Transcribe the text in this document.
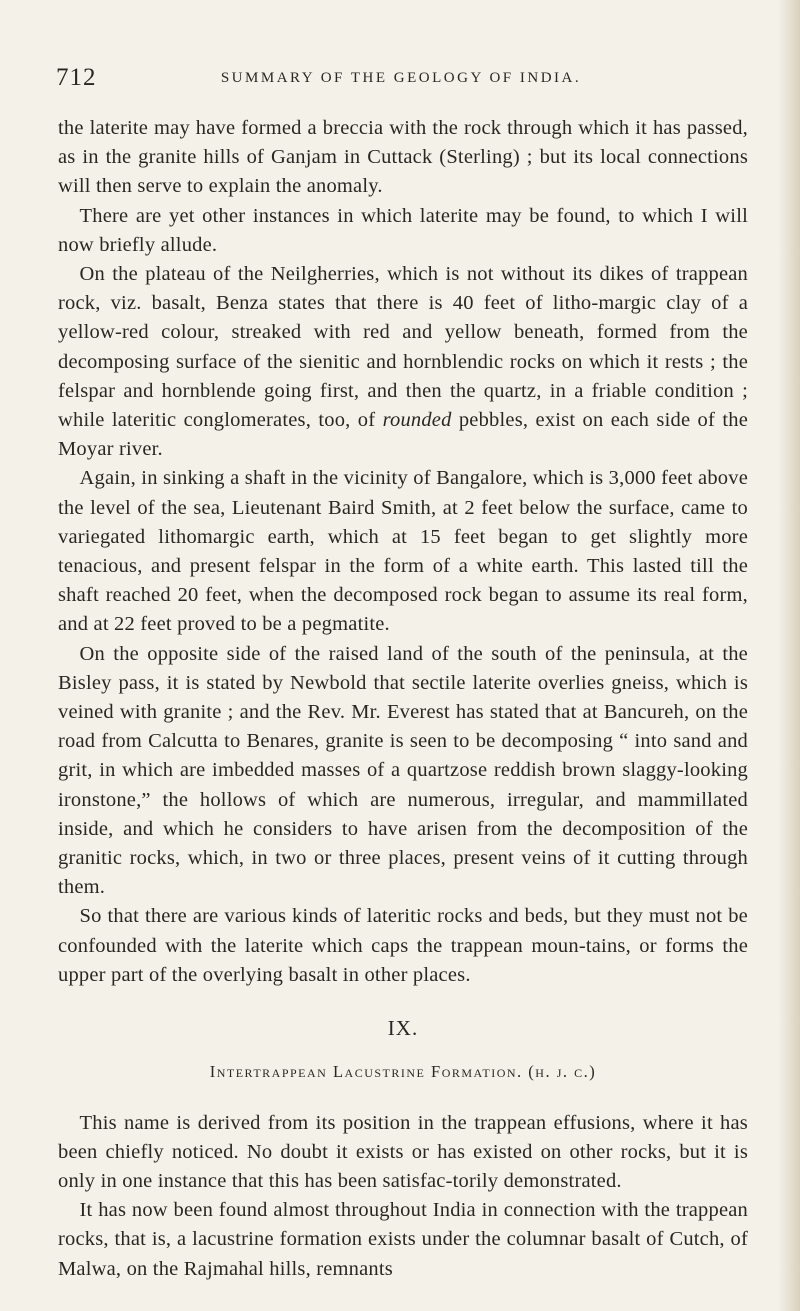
712	SUMMARY OF THE GEOLOGY OF INDIA.

the laterite may have formed a breccia with the rock through which it has passed, as in the granite hills of Ganjam in Cuttack (Sterling) ; but its local connections will then serve to explain the anomaly.

There are yet other instances in which laterite may be found, to which I will now briefly allude.

On the plateau of the Neilgherries, which is not without its dikes of trappean rock, viz. basalt, Benza states that there is 40 feet of litho-margic clay of a yellow-red colour, streaked with red and yellow beneath, formed from the decomposing surface of the sienitic and hornblendic rocks on which it rests ; the felspar and hornblende going first, and then the quartz, in a friable condition ; while lateritic conglomerates, too, of rounded pebbles, exist on each side of the Moyar river.

Again, in sinking a shaft in the vicinity of Bangalore, which is 3,000 feet above the level of the sea, Lieutenant Baird Smith, at 2 feet below the surface, came to variegated lithomargic earth, which at 15 feet began to get slightly more tenacious, and present felspar in the form of a white earth. This lasted till the shaft reached 20 feet, when the decomposed rock began to assume its real form, and at 22 feet proved to be a pegmatite.

On the opposite side of the raised land of the south of the peninsula, at the Bisley pass, it is stated by Newbold that sectile laterite overlies gneiss, which is veined with granite ; and the Rev. Mr. Everest has stated that at Bancureh, on the road from Calcutta to Benares, granite is seen to be decomposing “ into sand and grit, in which are imbedded masses of a quartzose reddish brown slaggy-looking ironstone,” the hollows of which are numerous, irregular, and mammillated inside, and which he considers to have arisen from the decomposition of the granitic rocks, which, in two or three places, present veins of it cutting through them.

So that there are various kinds of lateritic rocks and beds, but they must not be confounded with the laterite which caps the trappean moun-tains, or forms the upper part of the overlying basalt in other places.

IX.
Intertrappean Lacustrine Formation. (h. j. c.)

This name is derived from its position in the trappean effusions, where it has been chiefly noticed. No doubt it exists or has existed on other rocks, but it is only in one instance that this has been satisfac-torily demonstrated.

It has now been found almost throughout India in connection with the trappean rocks, that is, a lacustrine formation exists under the columnar basalt of Cutch, of Malwa, on the Rajmahal hills, remnants
